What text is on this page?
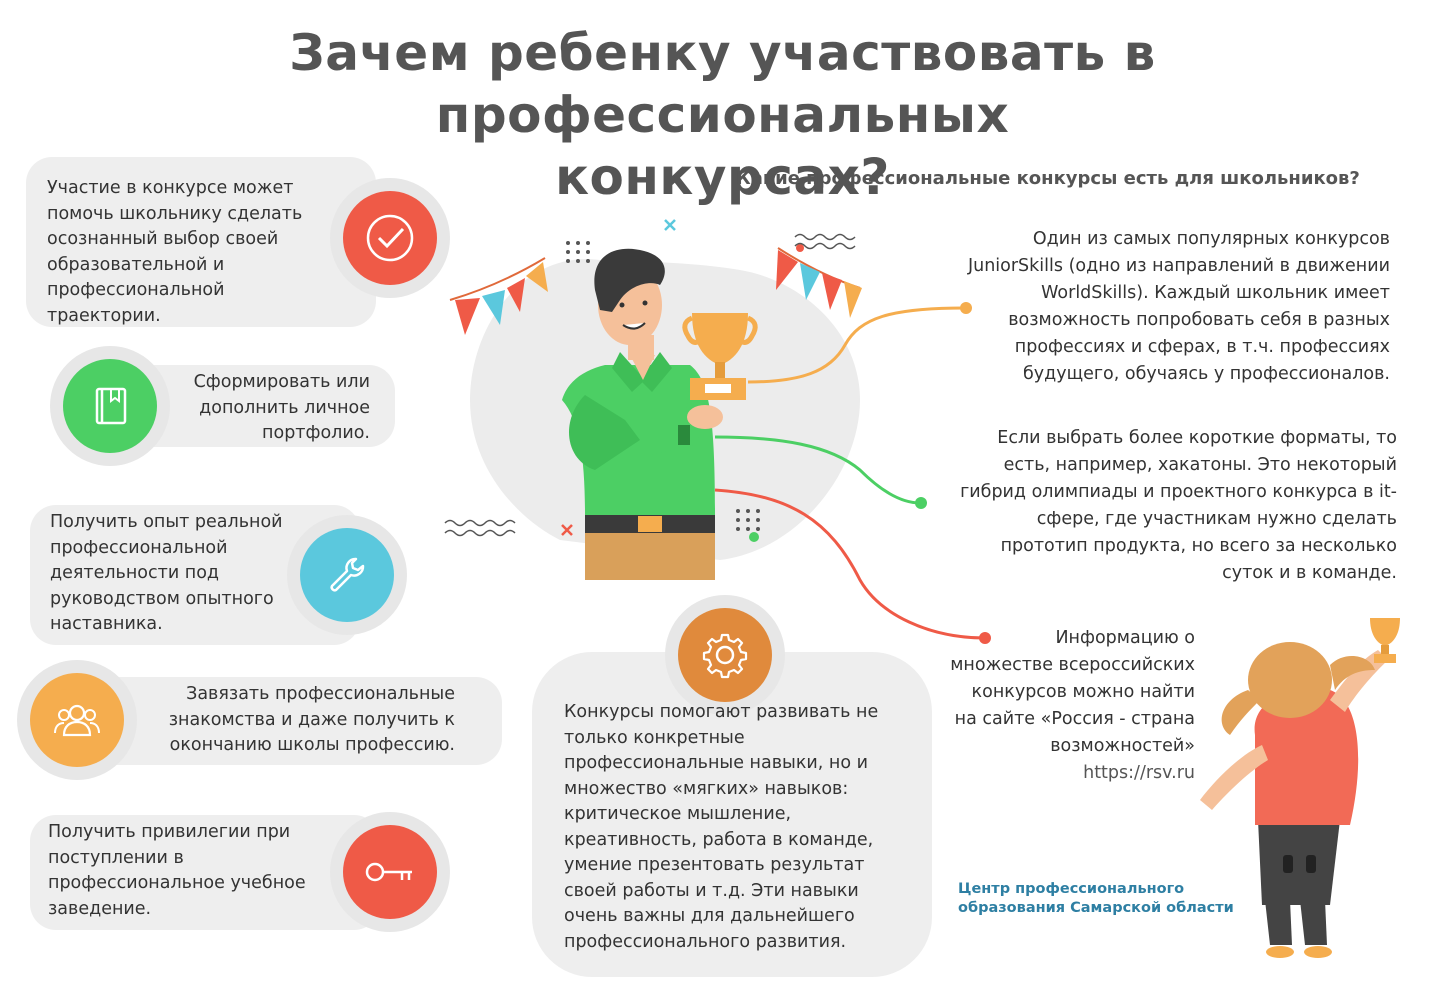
Зачем ребенку участвовать в профессиональных
конкурсах?
Участие в конкурсе может помочь школьнику сделать осознанный выбор своей образовательной и профессиональной траектории.
Сформировать или дополнить личное портфолио.
Получить опыт реальной профессиональной деятельности под руководством опытного наставника.
Завязать профессиональные знакомства и даже получить к окончанию школы профессию.
Получить привилегии при поступлении в профессиональное учебное заведение.
Конкурсы помогают развивать не только конкретные профессиональные навыки, но и множество «мягких» навыков: критическое мышление, креативность, работа в команде, умение презентовать результат своей работы и т.д. Эти навыки очень важны для дальнейшего профессионального развития.
Какие профессиональные конкурсы есть для школьников?
Один из самых популярных конкурсов JuniorSkills (одно из направлений в движении WorldSkills). Каждый школьник имеет возможность попробовать себя в разных профессиях и сферах, в т.ч. профессиях будущего, обучаясь у профессионалов.
Если выбрать более короткие форматы, то есть, например, хакатоны. Это некоторый гибрид олимпиады и проектного конкурса в it-сфере, где участникам нужно сделать прототип продукта, но всего за несколько суток и в команде.
Информацию о множестве всероссийских конкурсов можно найти на сайте «Россия - страна возможностей»
https://rsv.ru
Центр профессионального
образования Самарской области
